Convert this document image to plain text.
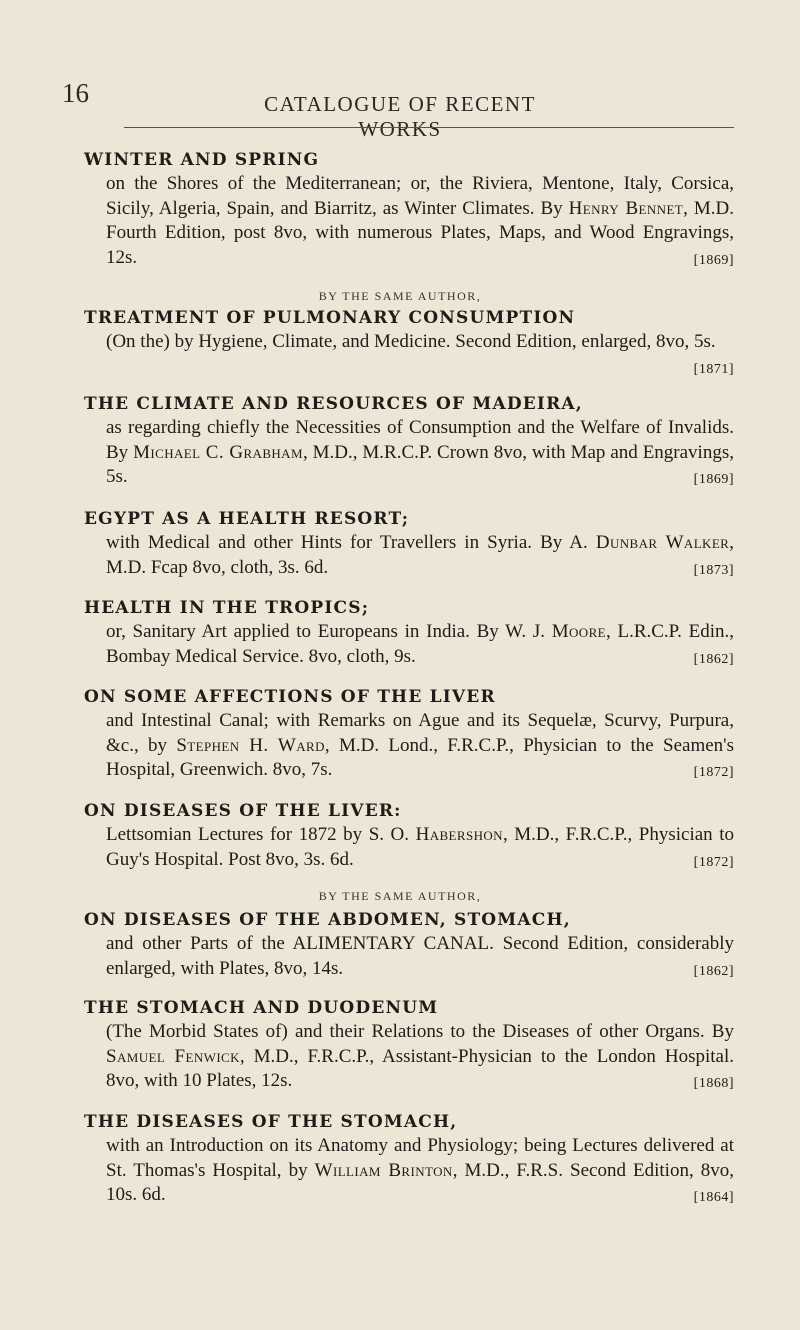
16	CATALOGUE OF RECENT WORKS

WINTER AND SPRING

on the Shores of the Mediterranean; or, the Riviera, Mentone, Italy, Corsica, Sicily, Algeria, Spain, and Biarritz, as Winter Climates. By Henry Bennet, M.D. Fourth Edition, post 8vo, with numerous Plates, Maps, and Wood Engravings, 12s.	[1869]

BY THE SAME AUTHOR,

TREATMENT OF PULMONARY CONSUMPTION

(On the) by Hygiene, Climate, and Medicine. Second Edition, enlarged, 8vo, 5s.
[1871]

THE CLIMATE AND RESOURCES OF MADEIRA,

as regarding chiefly the Necessities of Consumption and the Welfare of Invalids. By Michael C. Grabham, M.D., M.R.C.P. Crown 8vo, with Map and Engravings, 5s.	[1869]

EGYPT AS A HEALTH RESORT;

with Medical and other Hints for Travellers in Syria. By A. Dunbar Walker, M.D. Fcap 8vo, cloth, 3s. 6d.	[1873]

HEALTH IN THE TROPICS;

or, Sanitary Art applied to Europeans in India. By W. J. Moore, L.R.C.P. Edin., Bombay Medical Service. 8vo, cloth, 9s.	[1862]

ON SOME AFFECTIONS OF THE LIVER

and Intestinal Canal; with Remarks on Ague and its Sequelæ, Scurvy, Purpura, &c., by Stephen H. Ward, M.D. Lond., F.R.C.P., Physician to the Seamen's Hospital, Greenwich. 8vo, 7s.	[1872]

ON DISEASES OF THE LIVER:

Lettsomian Lectures for 1872 by S. O. Habershon, M.D., F.R.C.P., Physician to Guy's Hospital. Post 8vo, 3s. 6d.	[1872]

BY THE SAME AUTHOR,

ON DISEASES OF THE ABDOMEN, STOMACH,

and other Parts of the ALIMENTARY CANAL. Second Edition, considerably enlarged, with Plates, 8vo, 14s.	[1862]

THE STOMACH AND DUODENUM

(The Morbid States of) and their Relations to the Diseases of other Organs. By Samuel Fenwick, M.D., F.R.C.P., Assistant-Physician to the London Hospital. 8vo, with 10 Plates, 12s.	[1868]

THE DISEASES OF THE STOMACH,

with an Introduction on its Anatomy and Physiology; being Lectures delivered at St. Thomas's Hospital, by William Brinton, M.D., F.R.S. Second Edition, 8vo, 10s. 6d.	[1864]
